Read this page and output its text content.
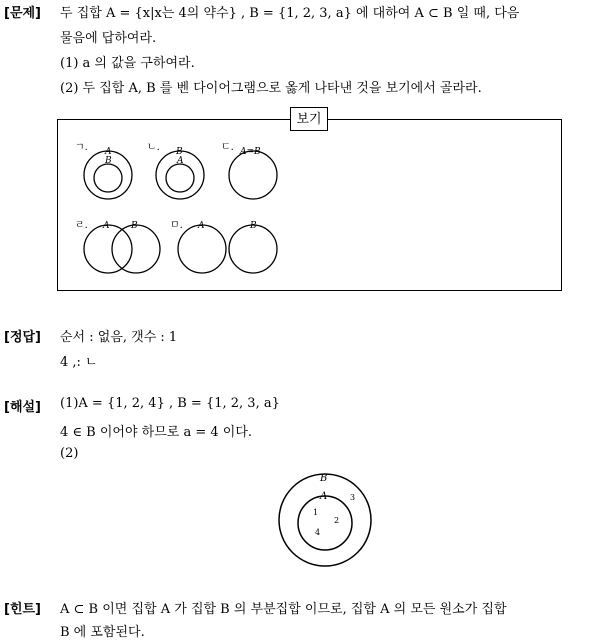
[문제] 두 집합 A = {x|x는 4의 약수} , B = {1, 2, 3, a} 에 대하여 A ⊂ B 일 때, 다음
물음에 답하여라.
(1) a 의 값을 구하여라.
(2) 두 집합 A, B 를 벤 다이어그램으로 옳게 나타낸 것을 보기에서 골라라.
보기
ㄱ. A
B
ㄴ. B
A
ㄷ. A=B
ㄹ. A B	ㅁ. A	B
[정답] 순서 : 없음, 갯수 : 1
4 ,: ㄴ
[해설] (1)A = {1, 2, 4} , B = {1, 2, 3, a}
4 ∈ B 이어야 하므로 a = 4 이다.
(2)
B
A	3
1
2
4
[힌트] A ⊂ B 이면 집합 A 가 집합 B 의 부분집합 이므로, 집합 A 의 모든 원소가 집합
B 에 포함된다.
